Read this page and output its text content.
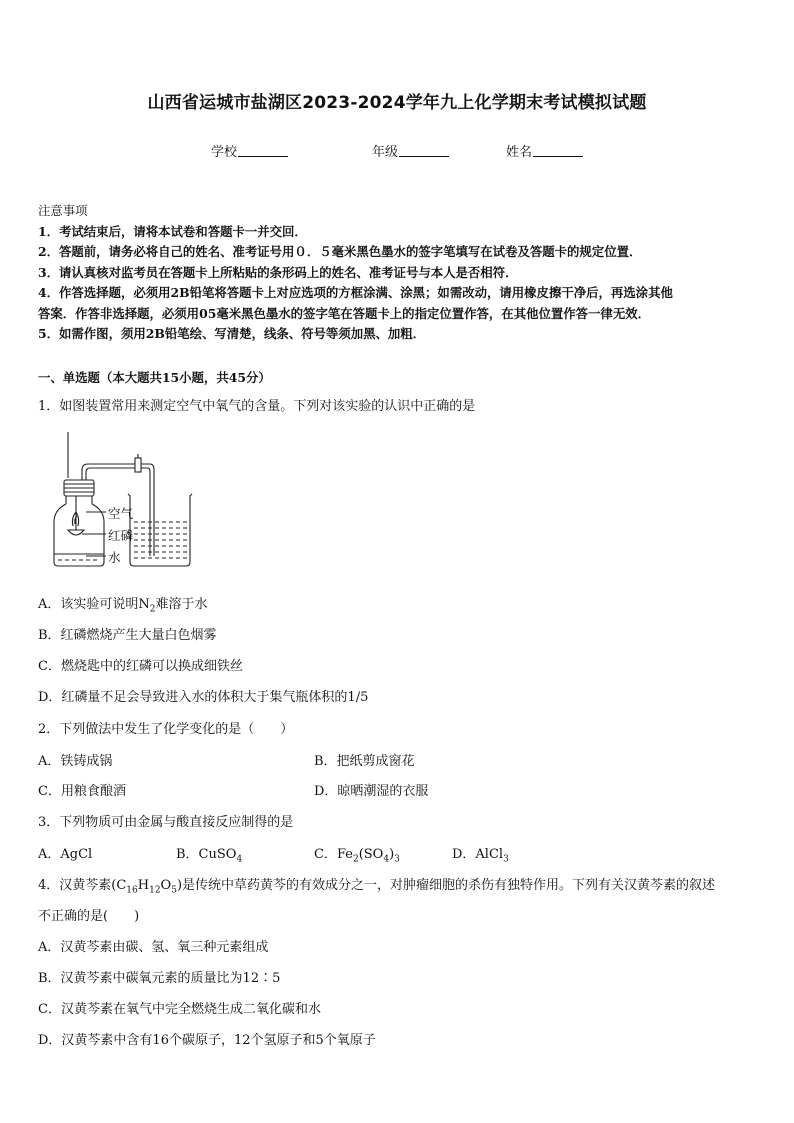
山西省运城市盐湖区2023-2024学年九上化学期末考试模拟试题
学校	年级	姓名
注意事项
1．考试结束后，请将本试卷和答题卡一并交回．
2．答题前，请务必将自己的姓名、准考证号用０．５毫米黑色墨水的签字笔填写在试卷及答题卡的规定位置．
3．请认真核对监考员在答题卡上所粘贴的条形码上的姓名、准考证号与本人是否相符．
4．作答选择题，必须用2B铅笔将答题卡上对应选项的方框涂满、涂黑；如需改动，请用橡皮擦干净后，再选涂其他
答案．作答非选择题，必须用05毫米黑色墨水的签字笔在答题卡上的指定位置作答，在其他位置作答一律无效．
5．如需作图，须用2B铅笔绘、写清楚，线条、符号等须加黑、加粗．
一、单选题（本大题共15小题，共45分）
1．如图装置常用来测定空气中氧气的含量。下列对该实验的认识中正确的是
空气
红磷
水
A．该实验可说明$N_2$难溶于水
B．红磷燃烧产生大量白色烟雾
C．燃烧匙中的红磷可以换成细铁丝
D．红磷量不足会导致进入水的体积大于集气瓶体积的1/5
2．下列做法中发生了化学变化的是（　　）
A．铁铸成锅	B．把纸剪成窗花
C．用粮食酿酒	D．晾晒潮湿的衣服
3．下列物质可由金属与酸直接反应制得的是
A．AgCl	B．CuSO$_4$	C．$Fe_2(SO_4)_3$	D．AlCl$_3$
4．汉黄芩素$(C_{16}H_{12}O_5)$是传统中草药黄芩的有效成分之一，对肿瘤细胞的杀伤有独特作用。下列有关汉黄芩素的叙述
不正确的是(　　)
A．汉黄芩素由碳、氢、氧三种元素组成
B．汉黄芩素中碳氧元素的质量比为12∶5
C．汉黄芩素在氧气中完全燃烧生成二氧化碳和水
D．汉黄芩素中含有16个碳原子，12个氢原子和5个氧原子
